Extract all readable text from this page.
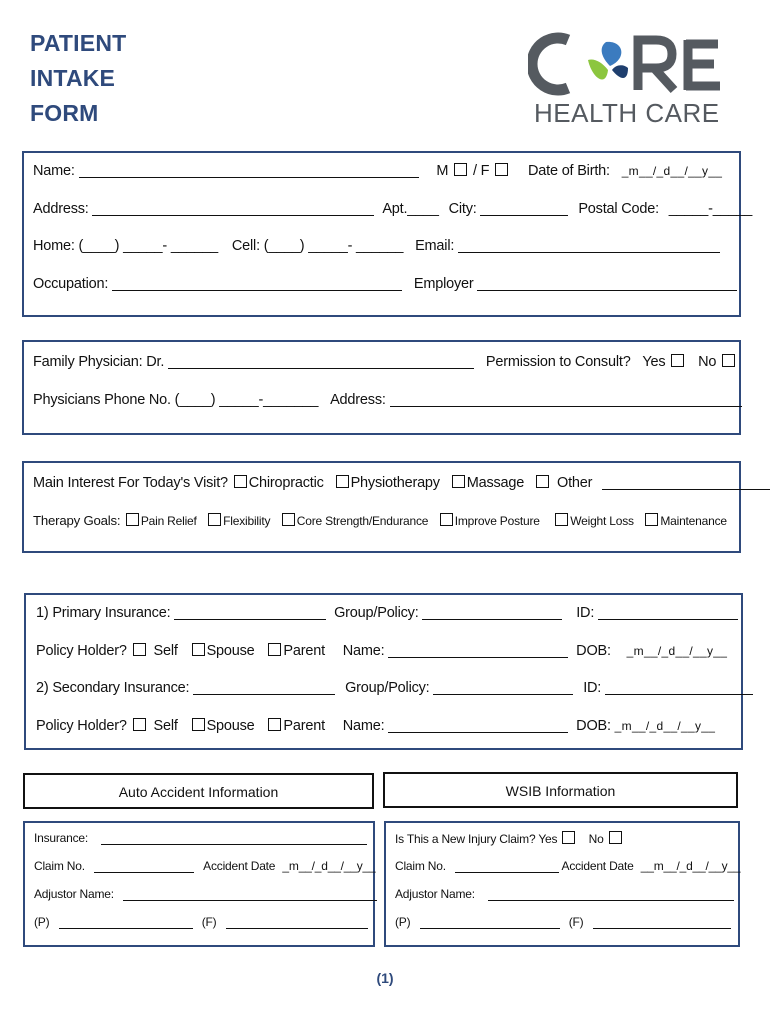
PATIENT
INTAKE
FORM	HEALTH CARE
Name:	M / F	Date of Birth: _m__/_d__/__y__
Address:	Apt.____ City:	Postal Code: _____-_____
Home: (____) _____- ______ Cell: (____) _____- ______ Email:
Occupation:	Employer
Family Physician: Dr.	Permission to Consult? Yes No
Physicians Phone No. (____) _____-_______ Address:
Main Interest For Today's Visit? Chiropractic Physiotherapy Massage Other
Therapy Goals: Pain Relief Flexibility Core Strength/Endurance Improve Posture	Weight Loss Maintenance
1) Primary Insurance:	Group/Policy:	ID:
Policy Holder? Self Spouse Parent Name:	DOB: _m__/_d__/__y__
2) Secondary Insurance:	Group/Policy:	ID:
Policy Holder? Self Spouse Parent Name:	DOB: _m__/_d__/__y__
Auto Accident Information	WSIB Information
Insurance:
Claim No.	Accident Date _m__/_d__/__y__
Adjustor Name:
(P)	(F)
Is This a New Injury Claim? Yes	No
Claim No.	Accident Date __m__/_d__/__y__
Adjustor Name:
(P)	(F)
(1)
